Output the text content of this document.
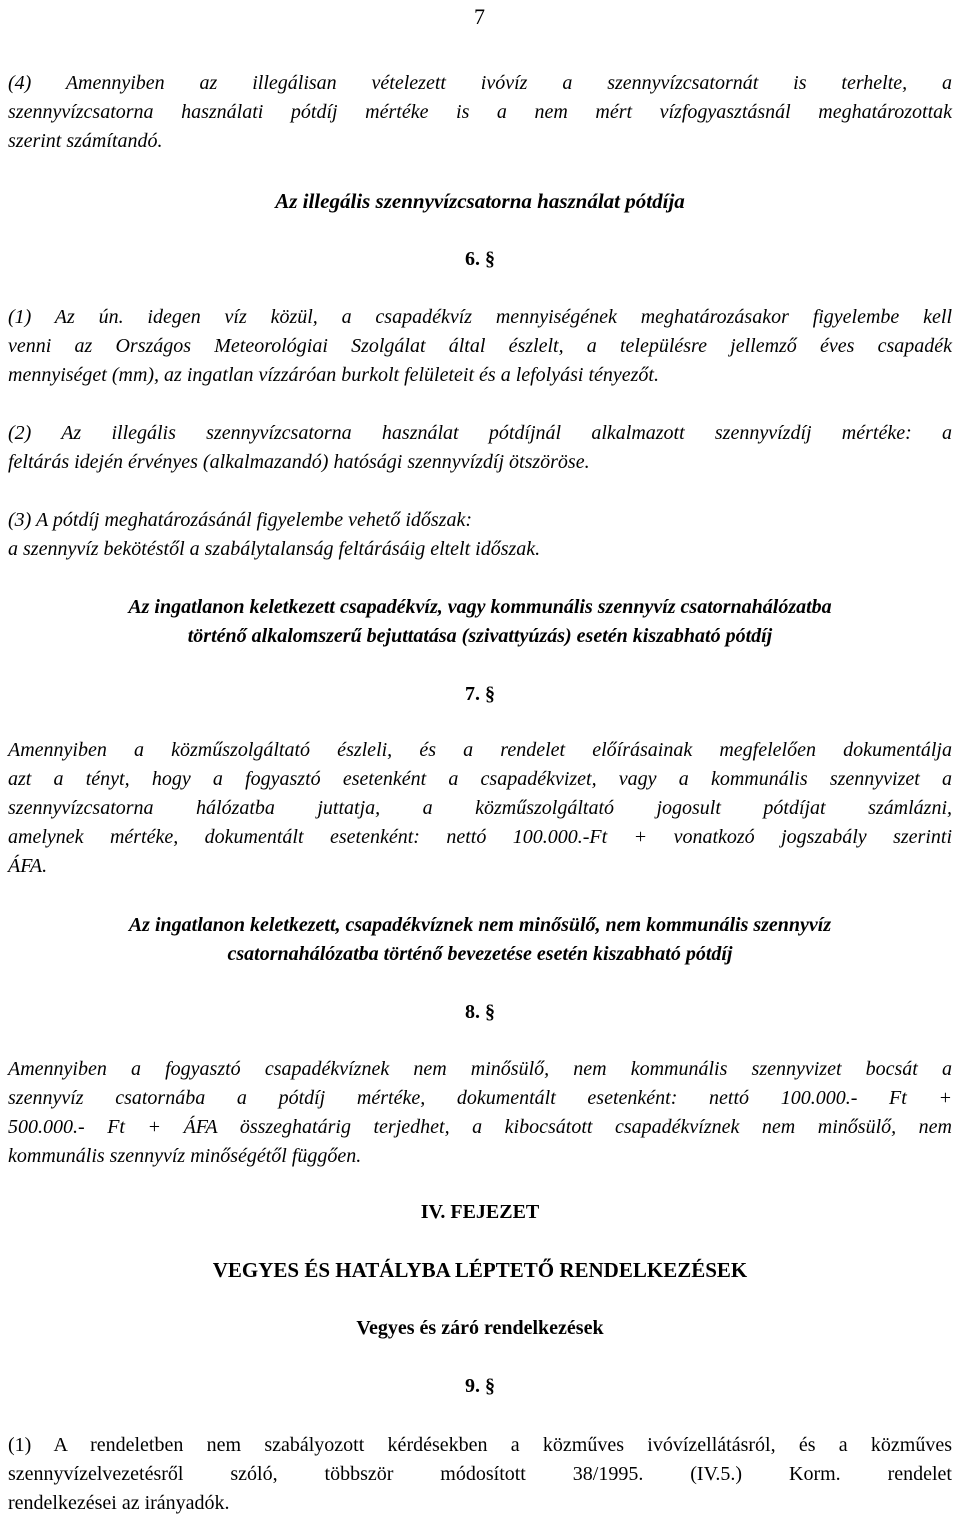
7
(4) Amennyiben az illegálisan vételezett ivóvíz a szennyvízcsatornát is terhelte, a
szennyvízcsatorna használati pótdíj mértéke is a nem mért vízfogyasztásnál meghatározottak
szerint számítandó.
Az illegális szennyvízcsatorna használat pótdíja
6. §
(1) Az ún. idegen víz közül, a csapadékvíz mennyiségének meghatározásakor figyelembe kell
venni az Országos Meteorológiai Szolgálat által észlelt, a településre jellemző éves csapadék
mennyiséget (mm), az ingatlan vízzáróan burkolt felületeit és a lefolyási tényezőt.
(2) Az illegális szennyvízcsatorna használat pótdíjnál alkalmazott szennyvízdíj mértéke: a
feltárás idején érvényes (alkalmazandó) hatósági szennyvízdíj ötszöröse.
(3) A pótdíj meghatározásánál figyelembe vehető időszak:
a szennyvíz bekötéstől a szabálytalanság feltárásáig eltelt időszak.
Az ingatlanon keletkezett csapadékvíz, vagy kommunális szennyvíz csatornahálózatba
történő alkalomszerű bejuttatása (szivattyúzás) esetén kiszabható pótdíj
7. §
Amennyiben a közműszolgáltató észleli, és a rendelet előírásainak megfelelően dokumentálja
azt a tényt, hogy a fogyasztó esetenként a csapadékvizet, vagy a kommunális szennyvizet a
szennyvízcsatorna hálózatba juttatja, a közműszolgáltató jogosult pótdíjat számlázni,
amelynek mértéke, dokumentált esetenként: nettó 100.000.-Ft + vonatkozó jogszabály szerinti
ÁFA.
Az ingatlanon keletkezett, csapadékvíznek nem minősülő, nem kommunális szennyvíz
csatornahálózatba történő bevezetése esetén kiszabható pótdíj
8. §
Amennyiben a fogyasztó csapadékvíznek nem minősülő, nem kommunális szennyvizet bocsát a
szennyvíz csatornába a pótdíj mértéke, dokumentált esetenként: nettó 100.000.- Ft +
500.000.- Ft + ÁFA összeghatárig terjedhet, a kibocsátott csapadékvíznek nem minősülő, nem
kommunális szennyvíz minőségétől függően.
IV. FEJEZET
VEGYES ÉS HATÁLYBA LÉPTETŐ RENDELKEZÉSEK
Vegyes és záró rendelkezések
9. §
(1) A rendeletben nem szabályozott kérdésekben a közműves ivóvízellátásról, és a közműves
szennyvízelvezetésről szóló, többször módosított 38/1995. (IV.5.) Korm. rendelet
rendelkezései az irányadók.
